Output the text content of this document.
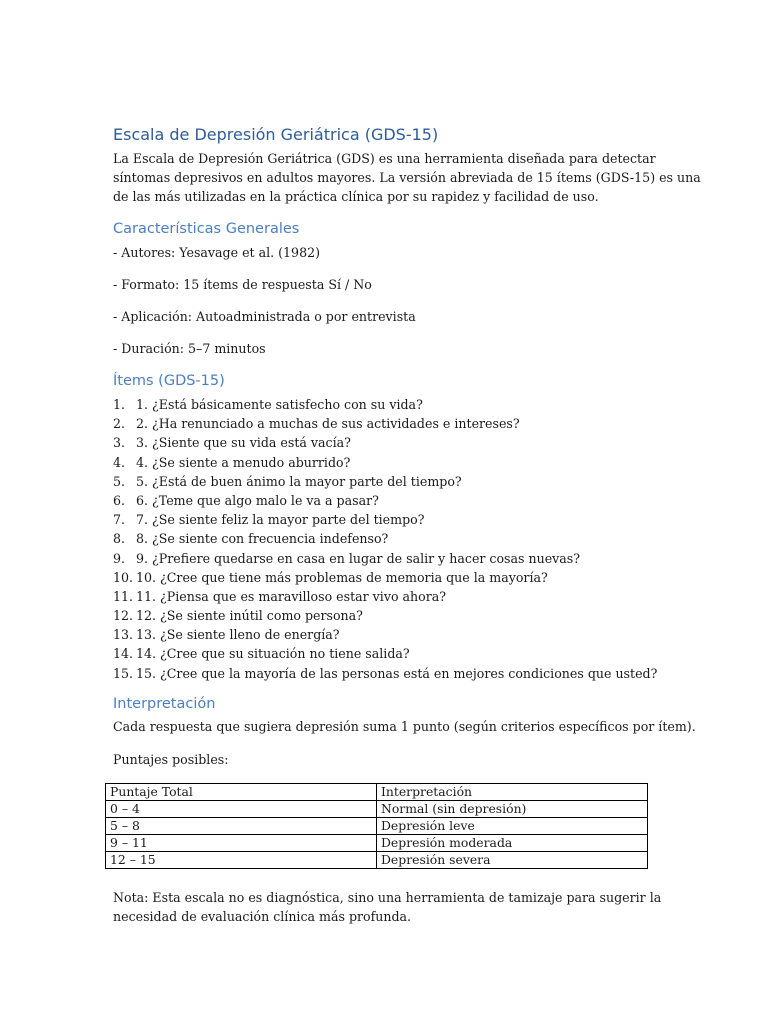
Escala de Depresión Geriátrica (GDS-15)
La Escala de Depresión Geriátrica (GDS) es una herramienta diseñada para detectar
síntomas depresivos en adultos mayores. La versión abreviada de 15 ítems (GDS-15) es una
de las más utilizadas en la práctica clínica por su rapidez y facilidad de uso.
Características Generales
- Autores: Yesavage et al. (1982)
- Formato: 15 ítems de respuesta Sí / No
- Aplicación: Autoadministrada o por entrevista
- Duración: 5–7 minutos
Ítems (GDS-15)
1. 1. ¿Está básicamente satisfecho con su vida?
2. 2. ¿Ha renunciado a muchas de sus actividades e intereses?
3. 3. ¿Siente que su vida está vacía?
4. 4. ¿Se siente a menudo aburrido?
5. 5. ¿Está de buen ánimo la mayor parte del tiempo?
6. 6. ¿Teme que algo malo le va a pasar?
7. 7. ¿Se siente feliz la mayor parte del tiempo?
8. 8. ¿Se siente con frecuencia indefenso?
9. 9. ¿Prefiere quedarse en casa en lugar de salir y hacer cosas nuevas?
10. 10. ¿Cree que tiene más problemas de memoria que la mayoría?
11. 11. ¿Piensa que es maravilloso estar vivo ahora?
12. 12. ¿Se siente inútil como persona?
13. 13. ¿Se siente lleno de energía?
14. 14. ¿Cree que su situación no tiene salida?
15. 15. ¿Cree que la mayoría de las personas está en mejores condiciones que usted?
Interpretación
Cada respuesta que sugiera depresión suma 1 punto (según criterios específicos por ítem).
Puntajes posibles:
Puntaje Total	Interpretación
0 – 4	Normal (sin depresión)
5 – 8	Depresión leve
9 – 11	Depresión moderada
12 – 15	Depresión severa
Nota: Esta escala no es diagnóstica, sino una herramienta de tamizaje para sugerir la
necesidad de evaluación clínica más profunda.
